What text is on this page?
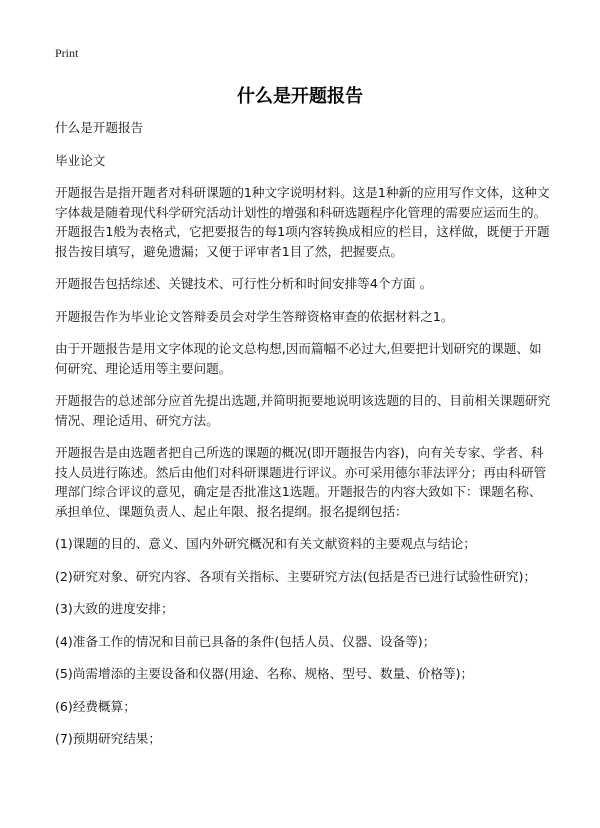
Print
什么是开题报告

什么是开题报告

毕业论文

开题报告是指开题者对科研课题的1种文字说明材料。这是1种新的应用写作文体，这种文字体裁是随着现代科学研究活动计划性的增强和科研选题程序化管理的需要应运而生的。开题报告1般为表格式，它把要报告的每1项内容转换成相应的栏目，这样做，既便于开题报告按目填写，避免遗漏；又便于评审者1目了然，把握要点。

开题报告包括综述、关键技术、可行性分析和时间安排等4个方面 。

开题报告作为毕业论文答辩委员会对学生答辩资格审查的依据材料之1。

由于开题报告是用文字体现的论文总构想,因而篇幅不必过大,但要把计划研究的课题、如何研究、理论适用等主要问题。

开题报告的总述部分应首先提出选题,并简明扼要地说明该选题的目的、目前相关课题研究情况、理论适用、研究方法。

开题报告是由选题者把自己所选的课题的概况(即开题报告内容)，向有关专家、学者、科技人员进行陈述。然后由他们对科研课题进行评议。亦可采用德尔菲法评分；再由科研管理部门综合评议的意见，确定是否批准这1选题。开题报告的内容大致如下：课题名称、承担单位、课题负责人、起止年限、报名提纲。报名提纲包括：

(1)课题的目的、意义、国内外研究概况和有关文献资料的主要观点与结论；

(2)研究对象、研究内容、各项有关指标、主要研究方法(包括是否已进行试验性研究)；

(3)大致的进度安排；

(4)准备工作的情况和目前已具备的条件(包括人员、仪器、设备等)；

(5)尚需增添的主要设备和仪器(用途、名称、规格、型号、数量、价格等)；

(6)经费概算；

(7)预期研究结果；
